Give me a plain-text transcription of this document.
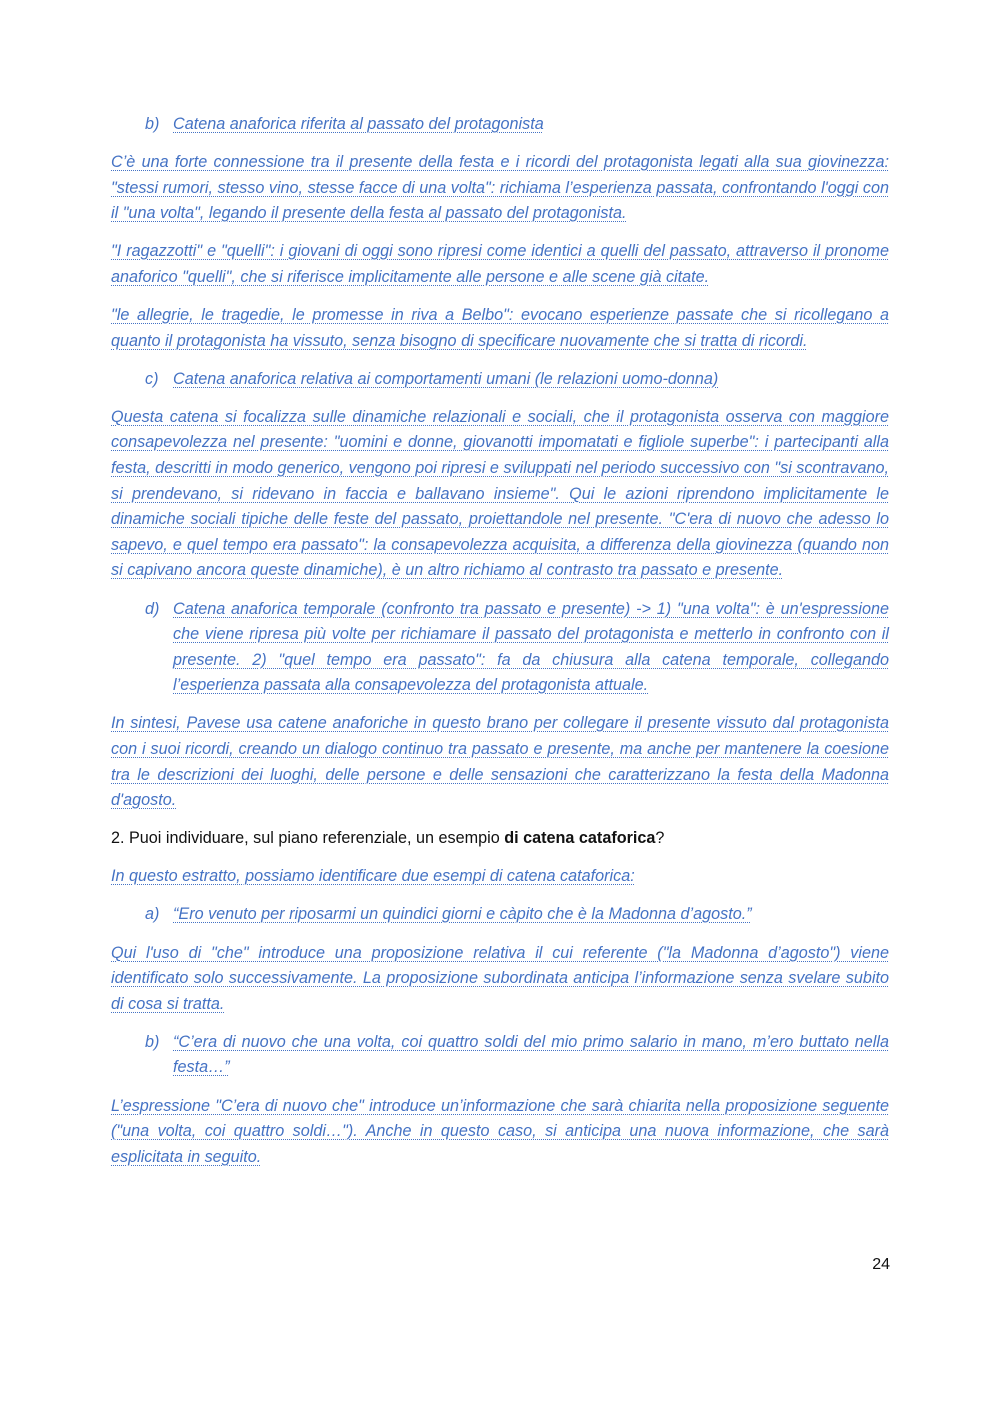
b) Catena anaforica riferita al passato del protagonista

C’è una forte connessione tra il presente della festa e i ricordi del protagonista legati alla sua giovinezza: "stessi rumori, stesso vino, stesse facce di una volta": richiama l’esperienza passata, confrontando l'oggi con il "una volta", legando il presente della festa al passato del protagonista.

"I ragazzotti" e "quelli": i giovani di oggi sono ripresi come identici a quelli del passato, attraverso il pronome anaforico "quelli", che si riferisce implicitamente alle persone e alle scene già citate.

"le allegrie, le tragedie, le promesse in riva a Belbo": evocano esperienze passate che si ricollegano a quanto il protagonista ha vissuto, senza bisogno di specificare nuovamente che si tratta di ricordi.

c) Catena anaforica relativa ai comportamenti umani (le relazioni uomo-donna)

Questa catena si focalizza sulle dinamiche relazionali e sociali, che il protagonista osserva con maggiore consapevolezza nel presente: "uomini e donne, giovanotti impomatati e figliole superbe": i partecipanti alla festa, descritti in modo generico, vengono poi ripresi e sviluppati nel periodo successivo con "si scontravano, si prendevano, si ridevano in faccia e ballavano insieme". Qui le azioni riprendono implicitamente le dinamiche sociali tipiche delle feste del passato, proiettandole nel presente. "C'era di nuovo che adesso lo sapevo, e quel tempo era passato": la consapevolezza acquisita, a differenza della giovinezza (quando non si capivano ancora queste dinamiche), è un altro richiamo al contrasto tra passato e presente.

d) Catena anaforica temporale (confronto tra passato e presente) -> 1) "una volta": è un'espressione che viene ripresa più volte per richiamare il passato del protagonista e metterlo in confronto con il presente. 2) "quel tempo era passato": fa da chiusura alla catena temporale, collegando l’esperienza passata alla consapevolezza del protagonista attuale.

In sintesi, Pavese usa catene anaforiche in questo brano per collegare il presente vissuto dal protagonista con i suoi ricordi, creando un dialogo continuo tra passato e presente, ma anche per mantenere la coesione tra le descrizioni dei luoghi, delle persone e delle sensazioni che caratterizzano la festa della Madonna d'agosto.

2. Puoi individuare, sul piano referenziale, un esempio di catena cataforica?

In questo estratto, possiamo identificare due esempi di catena cataforica:

a) “Ero venuto per riposarmi un quindici giorni e càpito che è la Madonna d’agosto.”

Qui l'uso di "che" introduce una proposizione relativa il cui referente ("la Madonna d’agosto") viene identificato solo successivamente. La proposizione subordinata anticipa l’informazione senza svelare subito di cosa si tratta.

b) “C’era di nuovo che una volta, coi quattro soldi del mio primo salario in mano, m’ero buttato nella festa…”

L’espressione "C’era di nuovo che" introduce un’informazione che sarà chiarita nella proposizione seguente ("una volta, coi quattro soldi…"). Anche in questo caso, si anticipa una nuova informazione, che sarà esplicitata in seguito.

24
